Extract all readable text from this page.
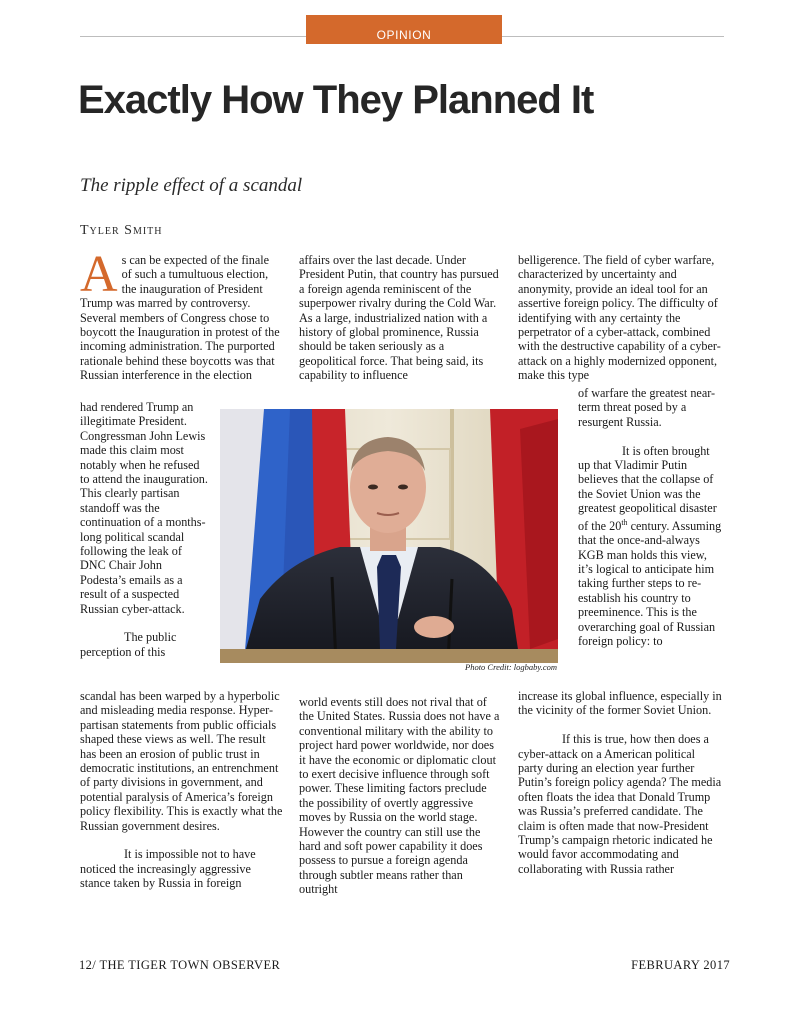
OPINION
Exactly How They Planned It
The ripple effect of a scandal
Tyler Smith
A s can be expected of the finale of such a tumultuous election, the inauguration of President Trump was marred by controversy. Several members of Congress chose to boycott the Inauguration in protest of the incoming administration. The purported rationale behind these boycotts was that Russian interference in the election

had rendered Trump an illegitimate President. Congressman John Lewis made this claim most notably when he refused to attend the inauguration. This clearly partisan standoff was the continuation of a months-long political scandal following the leak of DNC Chair John Podesta’s emails as a result of a suspected Russian cyber-attack.

The public perception of this

scandal has been warped by a hyperbolic and misleading media response. Hyper-partisan statements from public officials shaped these views as well. The result has been an erosion of public trust in democratic institutions, an entrenchment of party divisions in government, and potential paralysis of America’s foreign policy flexibility. This is exactly what the Russian government desires.

It is impossible not to have noticed the increasingly aggressive stance taken by Russia in foreign

affairs over the last decade. Under President Putin, that country has pursued a foreign agenda reminiscent of the superpower rivalry during the Cold War. As a large, industrialized nation with a history of global prominence, Russia should be taken seriously as a geopolitical force. That being said, its capability to influence

world events still does not rival that of the United States. Russia does not have a conventional military with the ability to project hard power worldwide, nor does it have the economic or diplomatic clout to exert decisive influence through soft power. These limiting factors preclude the possibility of overtly aggressive moves by Russia on the world stage. However the country can still use the hard and soft power capability it does possess to pursue a foreign agenda through subtler means rather than outright

belligerence. The field of cyber warfare, characterized by uncertainty and anonymity, provide an ideal tool for an assertive foreign policy. The difficulty of identifying with any certainty the perpetrator of a cyber-attack, combined with the destructive capability of a cyber-attack on a highly modernized opponent, make this type

of warfare the greatest near-term threat posed by a resurgent Russia.

It is often brought up that Vladimir Putin believes that the collapse of the Soviet Union was the greatest geopolitical disaster of the 20th century. Assuming that the once-and-always KGB man holds this view, it’s logical to anticipate him taking further steps to re-establish his country to preeminence. This is the overarching goal of Russian foreign policy: to

increase its global influence, especially in the vicinity of the former Soviet Union.

If this is true, how then does a cyber-attack on a American political party during an election year further Putin’s foreign policy agenda? The media often floats the idea that Donald Trump was Russia’s preferred candidate. The claim is often made that now-President Trump’s campaign rhetoric indicated he would favor accommodating and collaborating with Russia rather

Photo Credit: logbaby.com
12/ THE TIGER TOWN OBSERVER	FEBRUARY 2017
